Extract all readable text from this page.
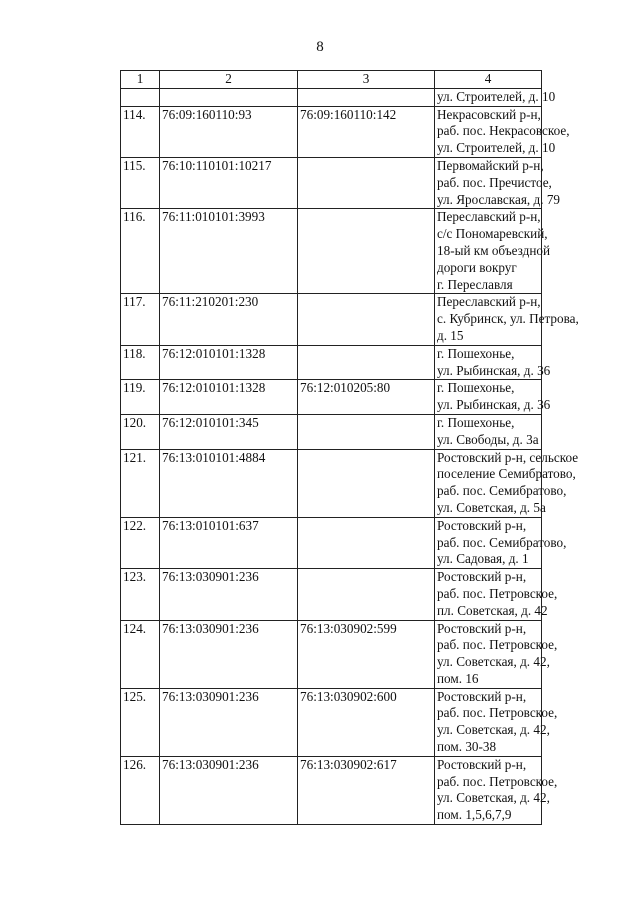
8
1	2	3	4

			ул. Строителей, д. 10

114.	76:09:160110:93	76:09:160110:142	Некрасовский р-н,
раб. пос. Некрасовское,
ул. Строителей, д. 10

115.	76:10:110101:10217		Первомайский р-н,
раб. пос. Пречистое,
ул. Ярославская, д. 79

116.	76:11:010101:3993		Переславский р-н,
с/с Пономаревский,
18-ый км объездной
дороги вокруг
г. Переславля

117.	76:11:210201:230		Переславский р-н,
с. Кубринск, ул. Петрова,
д. 15

118.	76:12:010101:1328		г. Пошехонье,
ул. Рыбинская, д. 36

119.	76:12:010101:1328	76:12:010205:80	г. Пошехонье,
ул. Рыбинская, д. 36

120.	76:12:010101:345		г. Пошехонье,
ул. Свободы, д. 3а

121.	76:13:010101:4884		Ростовский р-н, сельское
поселение Семибратово,
раб. пос. Семибратово,
ул. Советская, д. 5а

122.	76:13:010101:637		Ростовский р-н,
раб. пос. Семибратово,
ул. Садовая, д. 1

123.	76:13:030901:236		Ростовский р-н,
раб. пос. Петровское,
пл. Советская, д. 42

124.	76:13:030901:236	76:13:030902:599	Ростовский р-н,
раб. пос. Петровское,
ул. Советская, д. 42,
пом. 16

125.	76:13:030901:236	76:13:030902:600	Ростовский р-н,
раб. пос. Петровское,
ул. Советская, д. 42,
пом. 30-38

126.	76:13:030901:236	76:13:030902:617	Ростовский р-н,
раб. пос. Петровское,
ул. Советская, д. 42,
пом. 1,5,6,7,9
